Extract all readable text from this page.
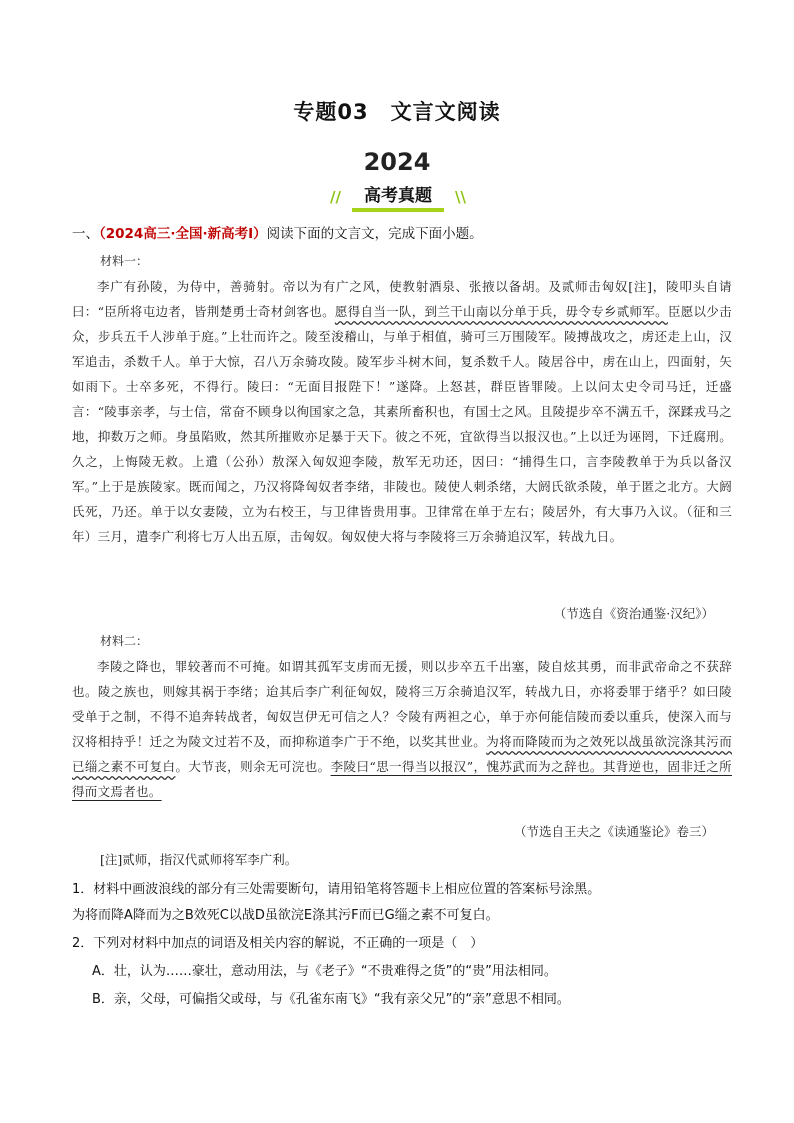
专题03　文言文阅读
2024
//	高考真题	\\
一、（2024高三·全国·新高考I）阅读下面的文言文，完成下面小题。
材料一：
李广有孙陵，为侍中，善骑射。帝以为有广之风，使教射酒泉、张掖以备胡。及贰师击匈奴[注]，陵叩头自请曰：“臣所将屯边者，皆荆楚勇士奇材剑客也。愿得自当一队，到兰干山南以分单于兵，毋令专乡贰师军。臣愿以少击众，步兵五千人涉单于庭。”上壮而许之。陵至浚稽山，与单于相值，骑可三万围陵军。陵搏战攻之，虏还走上山，汉军追击，杀数千人。单于大惊，召八万余骑攻陵。陵军步斗树木间，复杀数千人。陵居谷中，虏在山上，四面射，矢如雨下。士卒多死，不得行。陵曰：“无面目报陛下！”遂降。上怒甚，群臣皆罪陵。上以问太史令司马迁，迁盛言：“陵事亲孝，与士信，常奋不顾身以徇国家之急，其素所畜积也，有国士之风。且陵提步卒不满五千，深蹂戎马之地，抑数万之师。身虽陷败，然其所摧败亦足暴于天下。彼之不死，宜欲得当以报汉也。”上以迁为诬罔，下迁腐刑。久之，上悔陵无救。上遣（公孙）敖深入匈奴迎李陵，敖军无功还，因曰：“捕得生口，言李陵教单于为兵以备汉军。”上于是族陵家。既而闻之，乃汉将降匈奴者李绪，非陵也。陵使人刺杀绪，大阏氏欲杀陵，单于匿之北方。大阏氏死，乃还。单于以女妻陵，立为右校王，与卫律皆贵用事。卫律常在单于左右；陵居外，有大事乃入议。（征和三年）三月，遣李广利将七万人出五原，击匈奴。匈奴使大将与李陵将三万余骑追汉军，转战九日。
（节选自《资治通鉴·汉纪》）
材料二：
李陵之降也，罪较著而不可掩。如谓其孤军支虏而无援，则以步卒五千出塞，陵自炫其勇，而非武帝命之不获辞也。陵之族也，则嫁其祸于李绪；迨其后李广利征匈奴，陵将三万余骑追汉军，转战九日，亦将委罪于绪乎？如曰陵受单于之制，不得不追奔转战者，匈奴岂伊无可信之人？令陵有两袒之心，单于亦何能信陵而委以重兵，使深入而与汉将相持乎！迁之为陵文过若不及，而抑称道李广于不绝，以奖其世业。为将而降陵而为之效死以战虽欲浣涤其污而已缁之素不可复白。大节丧，则余无可浣也。李陵曰“思一得当以报汉”，愧苏武而为之辞也。其背逆也，固非迁之所得而文焉者也。
（节选自王夫之《读通鉴论》卷三）
[注]贰师，指汉代贰师将军李广利。
1．材料中画波浪线的部分有三处需要断句，请用铅笔将答题卡上相应位置的答案标号涂黑。
为将而降A降而为之B效死C以战D虽欲浣E涤其污F而已G缁之素不可复白。
2．下列对材料中加点的词语及相关内容的解说，不正确的一项是（　）
A．壮，认为……豪壮，意动用法，与《老子》“不贵难得之货”的“贵”用法相同。
B．亲，父母，可偏指父或母，与《孔雀东南飞》“我有亲父兄”的“亲”意思不相同。
